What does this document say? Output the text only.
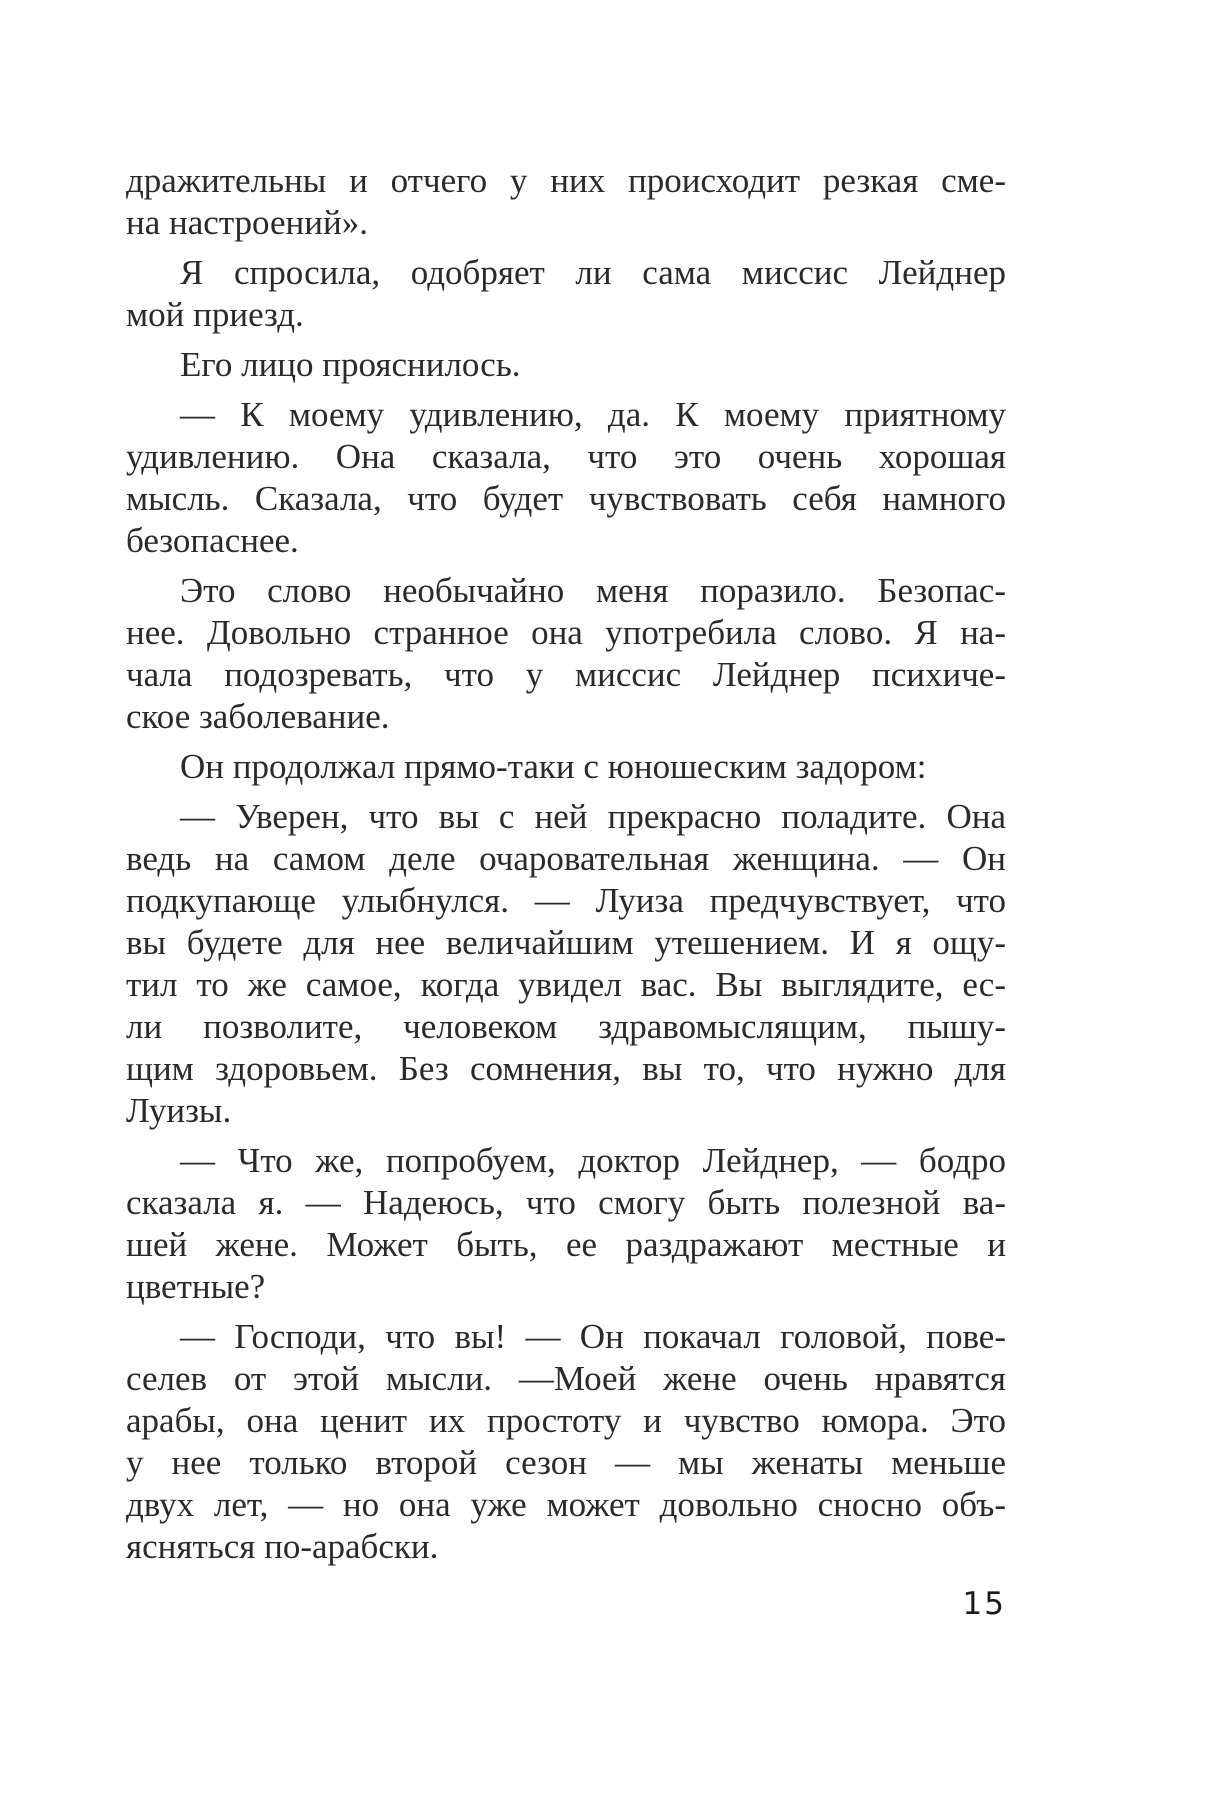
дражительны и отчего у них происходит резкая сме-
на настроений».
Я спросила, одобряет ли сама миссис Лейднер
мой приезд.
Его лицо прояснилось.
— К моему удивлению, да. К моему приятному
удивлению. Она сказала, что это очень хорошая
мысль. Сказала, что будет чувствовать себя намного
безопаснее.
Это слово необычайно меня поразило. Безопас-
нее. Довольно странное она употребила слово. Я на-
чала подозревать, что у миссис Лейднер психиче-
ское заболевание.
Он продолжал прямо-таки с юношеским задором:
— Уверен, что вы с ней прекрасно поладите. Она
ведь на самом деле очаровательная женщина. — Он
подкупающе улыбнулся. — Луиза предчувствует, что
вы будете для нее величайшим утешением. И я ощу-
тил то же самое, когда увидел вас. Вы выглядите, ес-
ли позволите, человеком здравомыслящим, пышу-
щим здоровьем. Без сомнения, вы то, что нужно для
Луизы.
— Что же, попробуем, доктор Лейднер, — бодро
сказала я. — Надеюсь, что смогу быть полезной ва-
шей жене. Может быть, ее раздражают местные и
цветные?
— Господи, что вы! — Он покачал головой, пове-
селев от этой мысли. —Моей жене очень нравятся
арабы, она ценит их простоту и чувство юмора. Это
у нее только второй сезон — мы женаты меньше
двух лет, — но она уже может довольно сносно объ-
ясняться по-арабски.
15
